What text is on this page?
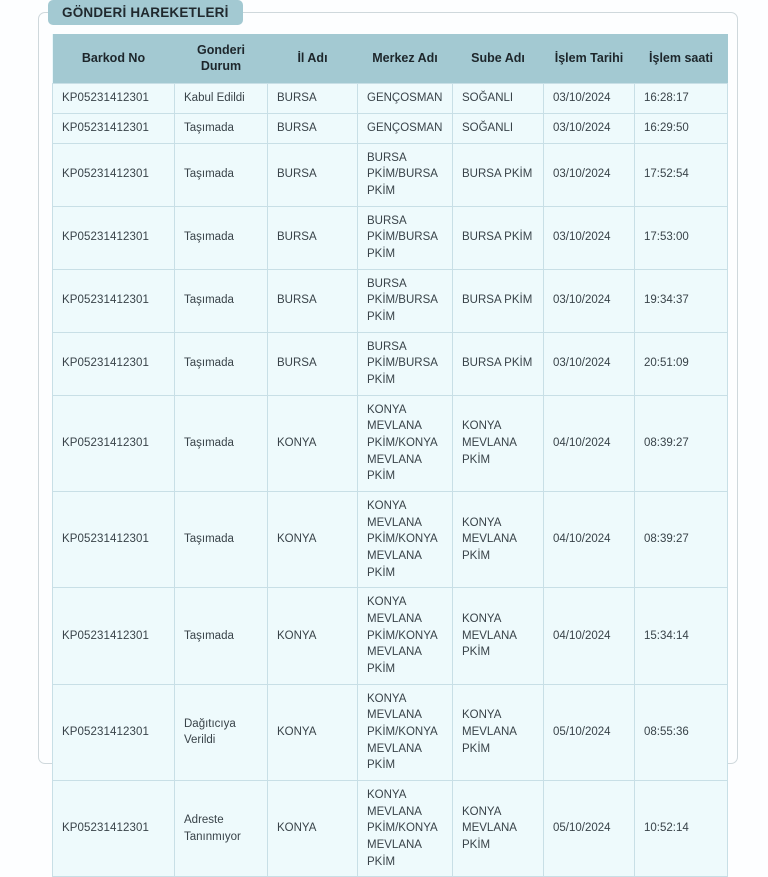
GÖNDERİ HAREKETLERİ
Barkod No	Gonderi Durum	İl Adı	Merkez Adı	Sube Adı	İşlem Tarihi	İşlem saati
KP05231412301	Kabul Edildi	BURSA	GENÇOSMAN	SOĞANLI	03/10/2024	16:28:17
KP05231412301	Taşımada	BURSA	GENÇOSMAN	SOĞANLI	03/10/2024	16:29:50
KP05231412301	Taşımada	BURSA	BURSA PKİM/BURSA PKİM	BURSA PKİM	03/10/2024	17:52:54
KP05231412301	Taşımada	BURSA	BURSA PKİM/BURSA PKİM	BURSA PKİM	03/10/2024	17:53:00
KP05231412301	Taşımada	BURSA	BURSA PKİM/BURSA PKİM	BURSA PKİM	03/10/2024	19:34:37
KP05231412301	Taşımada	BURSA	BURSA PKİM/BURSA PKİM	BURSA PKİM	03/10/2024	20:51:09
KP05231412301	Taşımada	KONYA	KONYA MEVLANA PKİM/KONYA MEVLANA PKİM	KONYA MEVLANA PKİM	04/10/2024	08:39:27
KP05231412301	Taşımada	KONYA	KONYA MEVLANA PKİM/KONYA MEVLANA PKİM	KONYA MEVLANA PKİM	04/10/2024	08:39:27
KP05231412301	Taşımada	KONYA	KONYA MEVLANA PKİM/KONYA MEVLANA PKİM	KONYA MEVLANA PKİM	04/10/2024	15:34:14
KP05231412301	Dağıtıcıya Verildi	KONYA	KONYA MEVLANA PKİM/KONYA MEVLANA PKİM	KONYA MEVLANA PKİM	05/10/2024	08:55:36
KP05231412301	Adreste Tanınmıyor	KONYA	KONYA MEVLANA PKİM/KONYA MEVLANA PKİM	KONYA MEVLANA PKİM	05/10/2024	10:52:14
